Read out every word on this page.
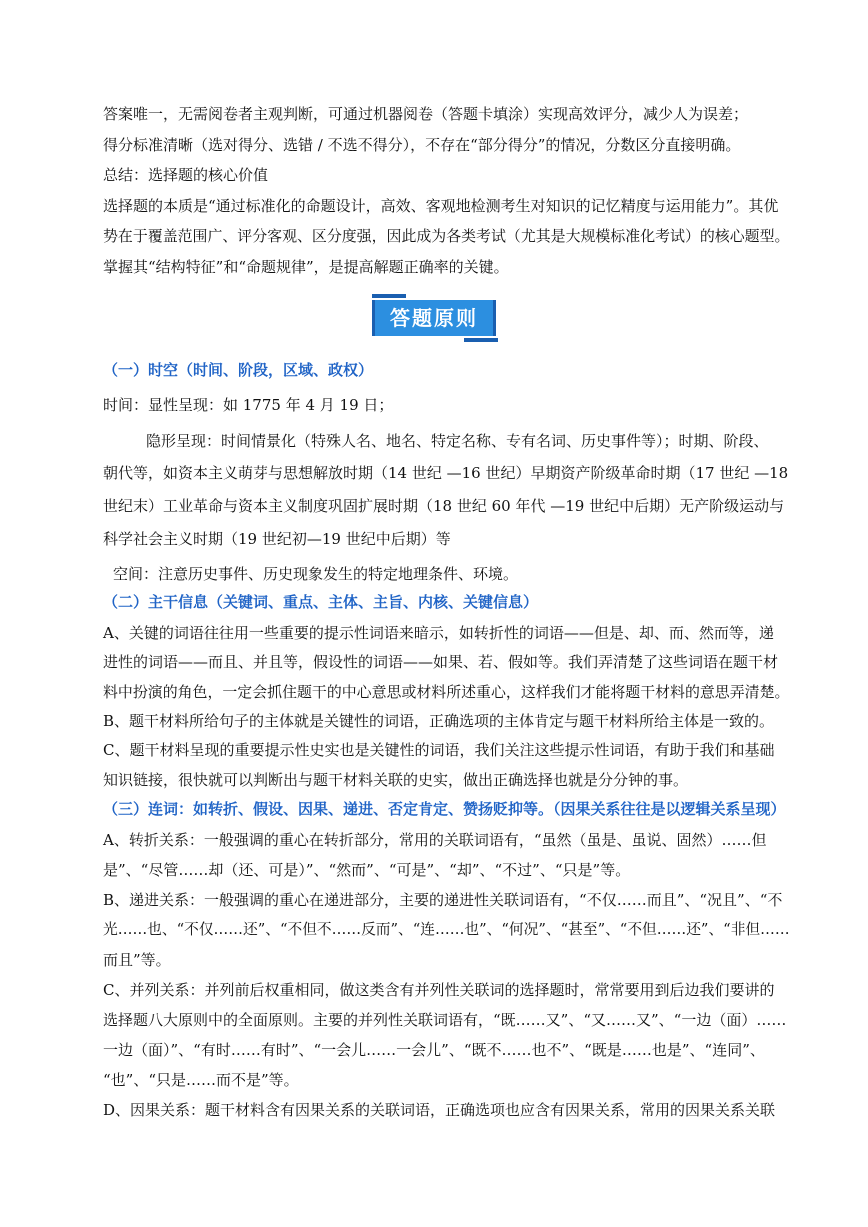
答案唯一，无需阅卷者主观判断，可通过机器阅卷（答题卡填涂）实现高效评分，减少人为误差；
得分标准清晰（选对得分、选错 / 不选不得分），不存在“部分得分”的情况，分数区分直接明确。
总结：选择题的核心价值
选择题的本质是“通过标准化的命题设计，高效、客观地检测考生对知识的记忆精度与运用能力”。其优
势在于覆盖范围广、评分客观、区分度强，因此成为各类考试（尤其是大规模标准化考试）的核心题型。
掌握其“结构特征”和“命题规律”，是提高解题正确率的关键。
答题原则
（一）时空（时间、阶段，区域、政权）
时间：显性呈现：如 1775 年 4 月 19 日；
隐形呈现：时间情景化（特殊人名、地名、特定名称、专有名词、历史事件等）；时期、阶段、
朝代等，如资本主义萌芽与思想解放时期（14 世纪 —16 世纪）早期资产阶级革命时期（17 世纪 —18
世纪末）工业革命与资本主义制度巩固扩展时期（18 世纪 60 年代 —19 世纪中后期）无产阶级运动与
科学社会主义时期（19 世纪初—19 世纪中后期）等
空间：注意历史事件、历史现象发生的特定地理条件、环境。
（二）主干信息（关键词、重点、主体、主旨、内核、关键信息）
A、关键的词语往往用一些重要的提示性词语来暗示，如转折性的词语——但是、却、而、然而等，递
进性的词语——而且、并且等，假设性的词语——如果、若、假如等。我们弄清楚了这些词语在题干材
料中扮演的角色，一定会抓住题干的中心意思或材料所述重心，这样我们才能将题干材料的意思弄清楚。
B、题干材料所给句子的主体就是关键性的词语，正确选项的主体肯定与题干材料所给主体是一致的。
C、题干材料呈现的重要提示性史实也是关键性的词语，我们关注这些提示性词语，有助于我们和基础
知识链接，很快就可以判断出与题干材料关联的史实，做出正确选择也就是分分钟的事。
（三）连词：如转折、假设、因果、递进、否定肯定、赞扬贬抑等。（因果关系往往是以逻辑关系呈现）
A、转折关系：一般强调的重心在转折部分，常用的关联词语有，“虽然（虽是、虽说、固然）……但
是”、“尽管……却（还、可是）”、“然而”、“可是”、“却”、“不过”、“只是”等。
B、递进关系：一般强调的重心在递进部分，主要的递进性关联词语有，“不仅……而且”、“况且”、“不
光……也、“不仅……还”、“不但不……反而”、“连……也”、“何况”、“甚至”、“不但……还”、“非但……
而且”等。
C、并列关系：并列前后权重相同，做这类含有并列性关联词的选择题时，常常要用到后边我们要讲的
选择题八大原则中的全面原则。主要的并列性关联词语有，“既……又”、“又……又”、“一边（面）……
一边（面）”、“有时……有时”、“一会儿……一会儿”、“既不……也不”、“既是……也是”、“连同”、
“也”、“只是……而不是”等。
D、因果关系：题干材料含有因果关系的关联词语，正确选项也应含有因果关系，常用的因果关系关联
